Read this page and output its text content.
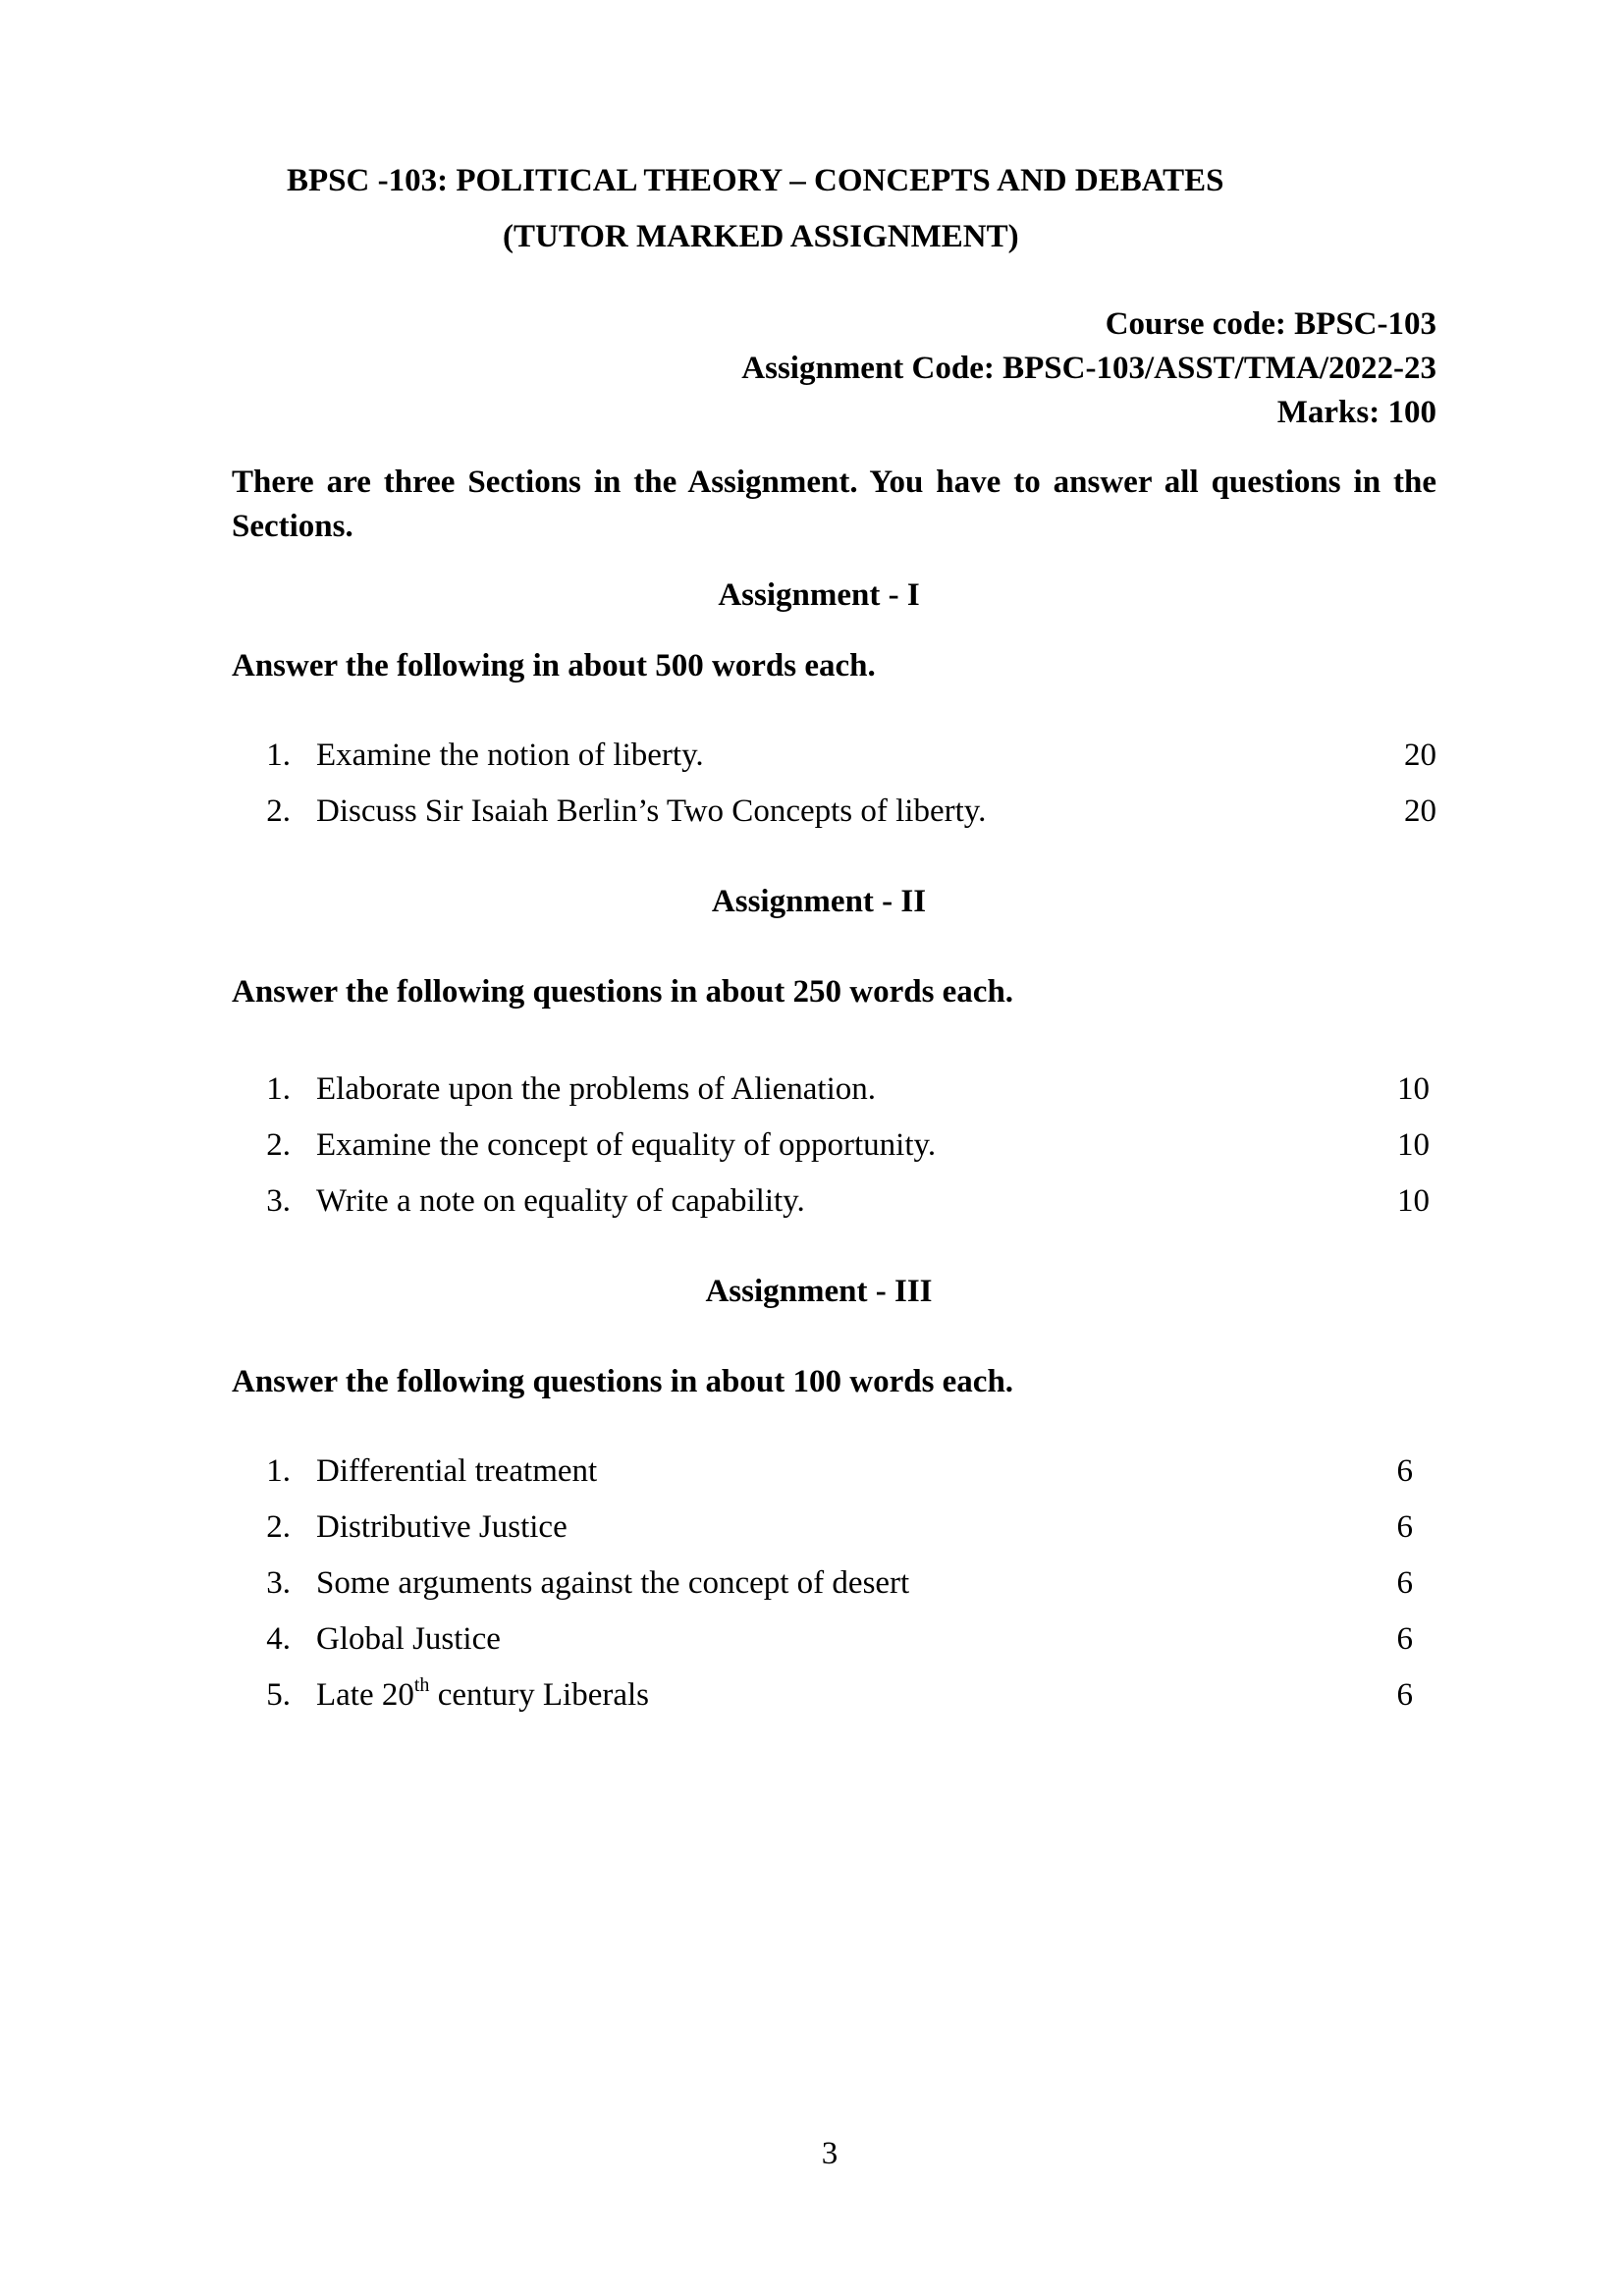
BPSC -103: POLITICAL THEORY – CONCEPTS AND DEBATES
(TUTOR MARKED ASSIGNMENT)
Course code: BPSC-103
Assignment Code: BPSC-103/ASST/TMA/2022-23
Marks: 100
There are three Sections in the Assignment. You have to answer all questions in the Sections.
Assignment - I
Answer the following in about 500 words each.
1. Examine the notion of liberty.	20
2. Discuss Sir Isaiah Berlin’s Two Concepts of liberty.	20
Assignment - II
Answer the following questions in about 250 words each.
1. Elaborate upon the problems of Alienation.	10
2. Examine the concept of equality of opportunity.	10
3. Write a note on equality of capability.	10
Assignment - III
Answer the following questions in about 100 words each.
1. Differential treatment	6
2. Distributive Justice	6
3. Some arguments against the concept of desert	6
4. Global Justice	6
5. Late 20th century Liberals	6
3
